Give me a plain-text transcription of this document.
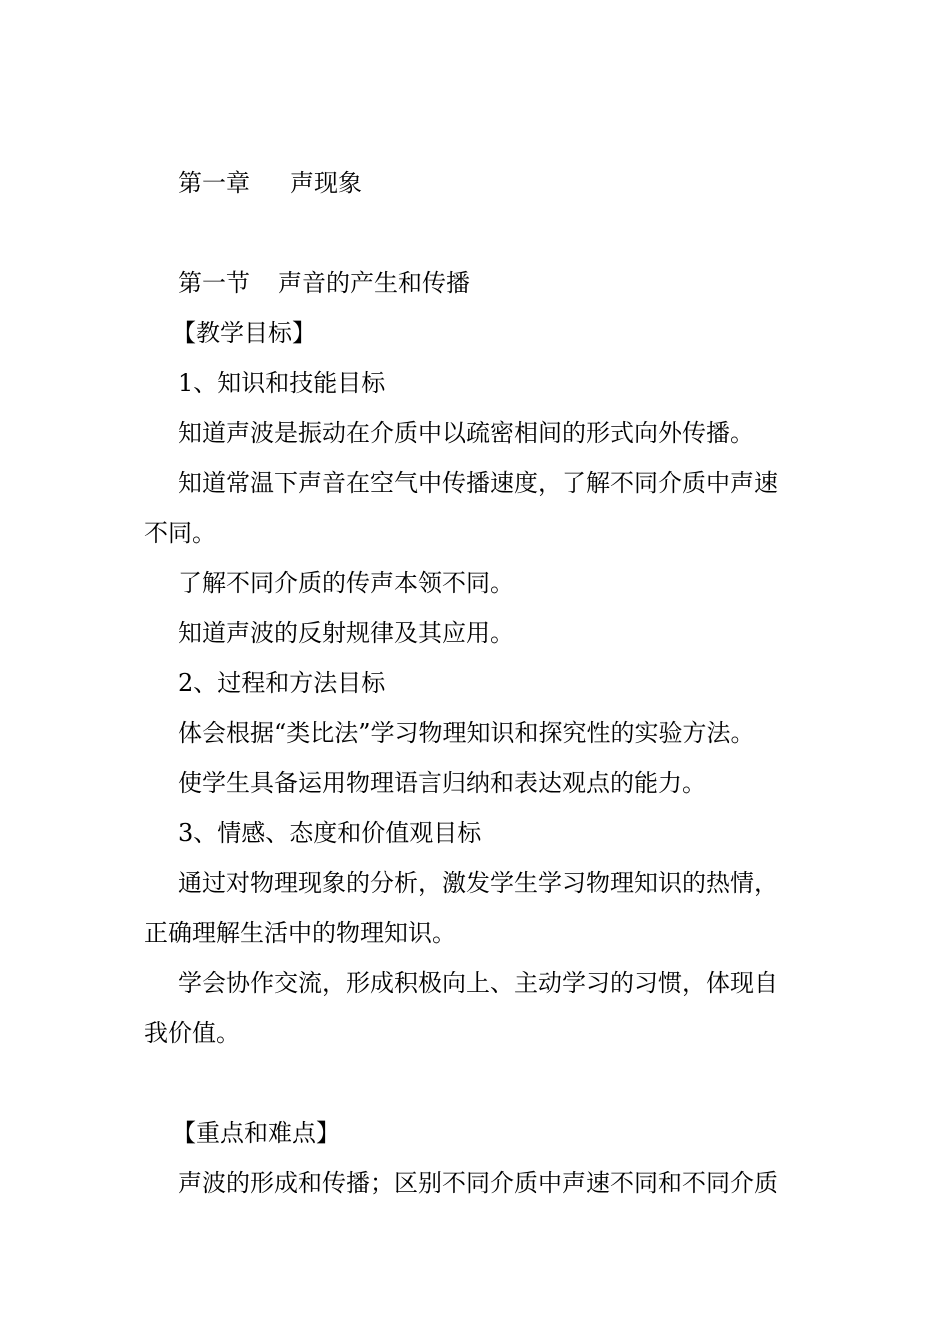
第一章 声现象
第一节 声音的产生和传播
【教学目标】
1、知识和技能目标
知道声波是振动在介质中以疏密相间的形式向外传播。
知道常温下声音在空气中传播速度，了解不同介质中声速
不同。
了解不同介质的传声本领不同。
知道声波的反射规律及其应用。
2、过程和方法目标
体会根据“类比法”学习物理知识和探究性的实验方法。
使学生具备运用物理语言归纳和表达观点的能力。
3、情感、态度和价值观目标
通过对物理现象的分析，激发学生学习物理知识的热情，
正确理解生活中的物理知识。
学会协作交流，形成积极向上、主动学习的习惯，体现自
我价值。
【重点和难点】
声波的形成和传播；区别不同介质中声速不同和不同介质
